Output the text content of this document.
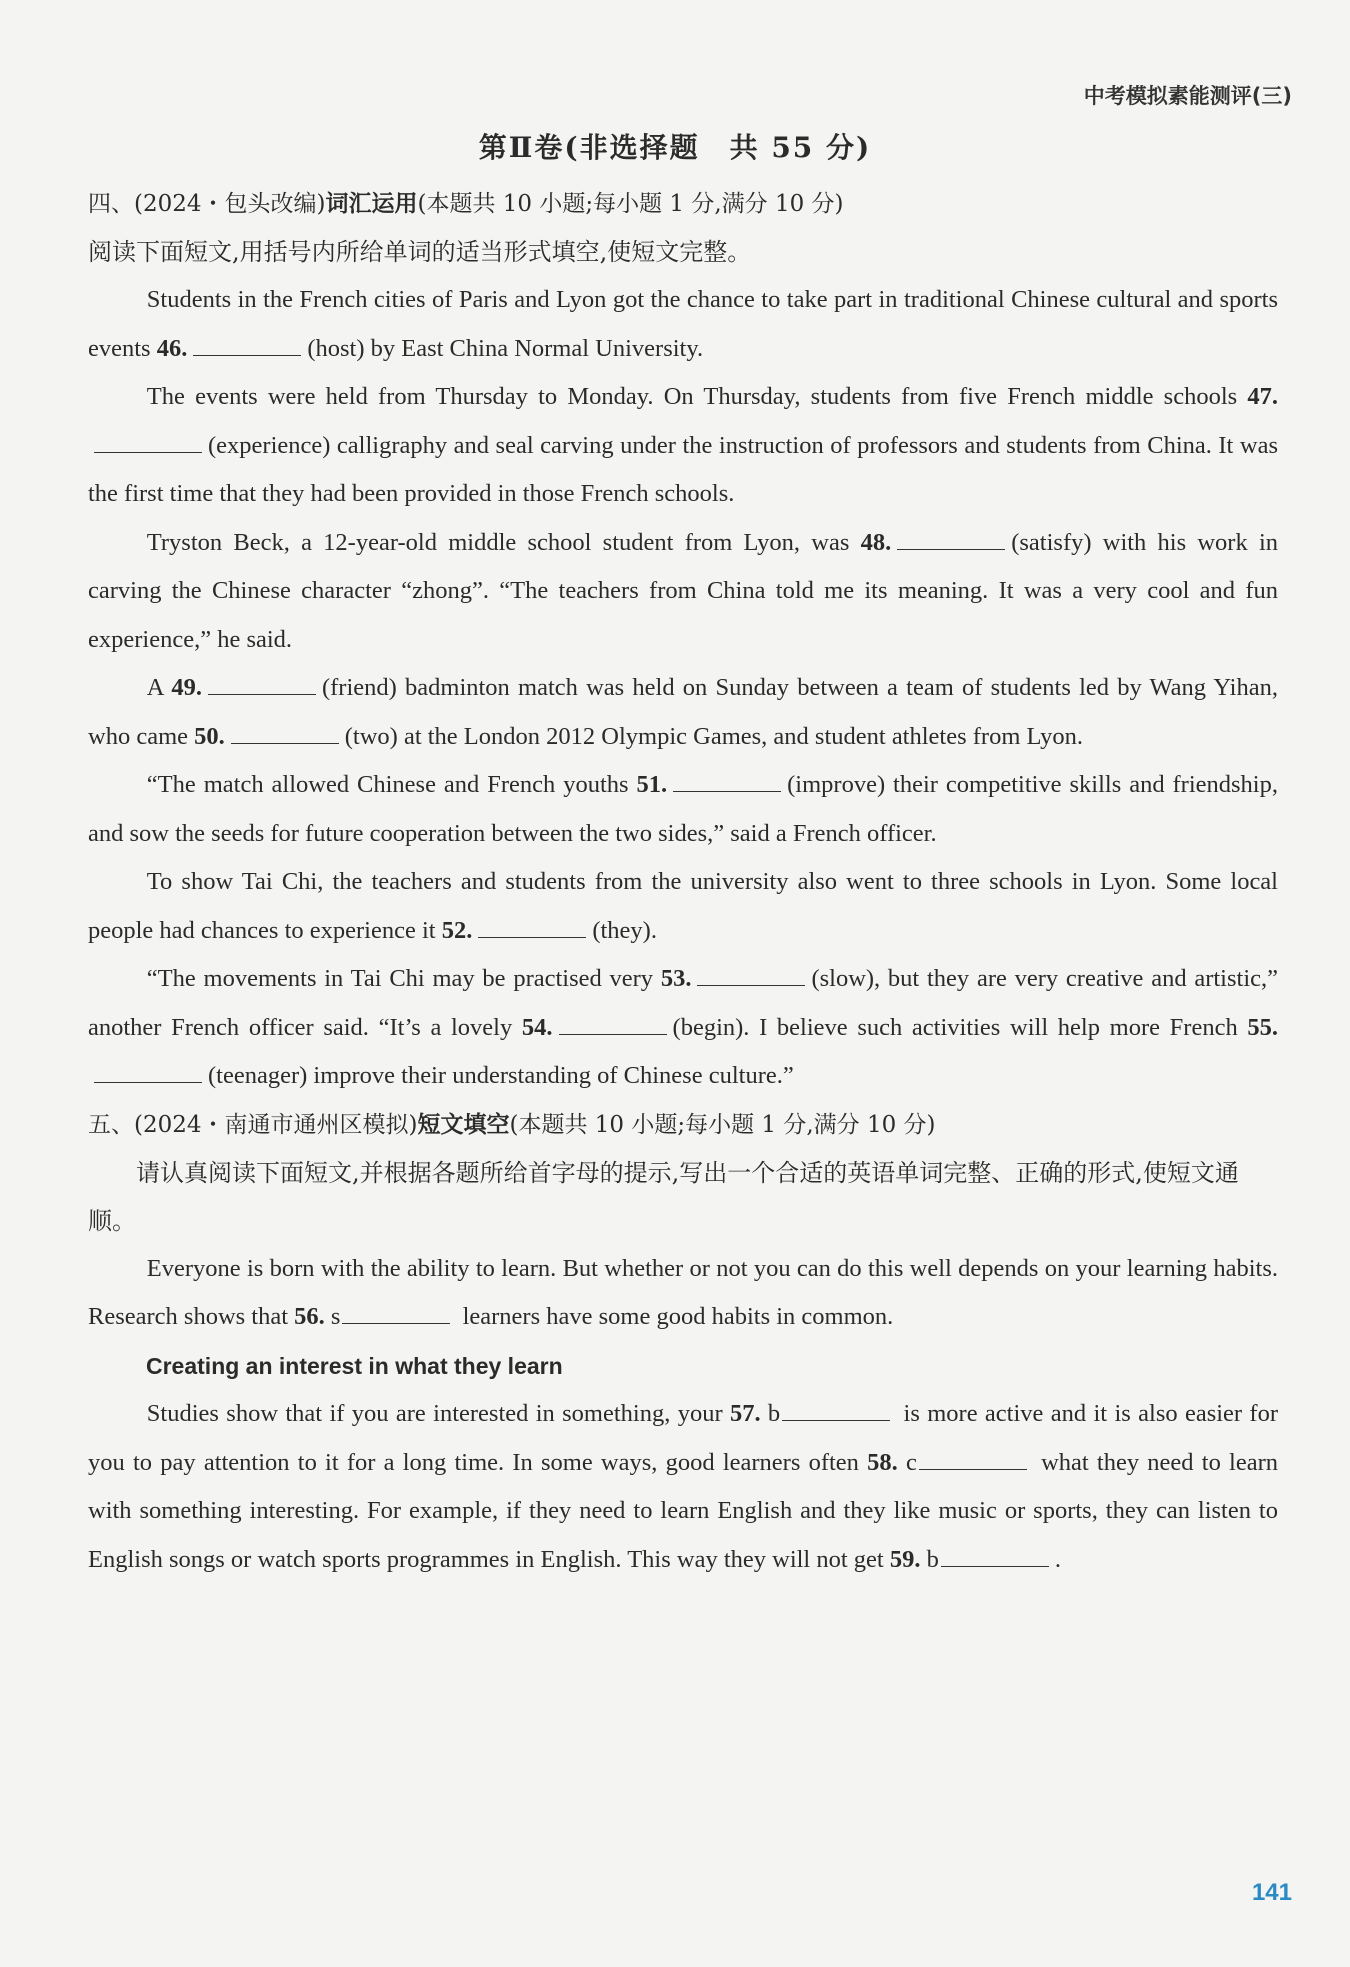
中考模拟素能测评(三)
第Ⅱ卷(非选择题　共 55 分)
四、(2024・包头改编)词汇运用(本题共 10 小题;每小题 1 分,满分 10 分)
阅读下面短文,用括号内所给单词的适当形式填空,使短文完整。

Students in the French cities of Paris and Lyon got the chance to take part in traditional Chinese cultural and sports events 46.	(host) by East China Normal University.

The events were held from Thursday to Monday. On Thursday, students from five French middle schools 47.(experience) calligraphy and seal carving under the instruction of professors and students from China. It was the first time that they had been provided in those French schools.

Tryston Beck, a 12-year-old middle school student from Lyon, was 48.	(satisfy) with his work in carving the Chinese character “zhong”. “The teachers from China told me its meaning. It was a very cool and fun experience,” he said.

A 49.	(friend) badminton match was held on Sunday between a team of students led by Wang Yihan, who came 50.	(two) at the London 2012 Olympic Games, and student athletes from Lyon.

“The match allowed Chinese and French youths 51.	(improve) their competitive skills and friendship, and sow the seeds for future cooperation between the two sides,” said a French officer.

To show Tai Chi, the teachers and students from the university also went to three schools in Lyon. Some local people had chances to experience it 52.	(they).

“The movements in Tai Chi may be practised very 53.	(slow), but they are very creative and artistic,” another French officer said. “It’s a lovely 54.	(begin). I believe such activities will help more French 55.(teenager) improve their understanding of Chinese culture.”

五、(2024・南通市通州区模拟)短文填空(本题共 10 小题;每小题 1 分,满分 10 分)
请认真阅读下面短文,并根据各题所给首字母的提示,写出一个合适的英语单词完整、正确的形式,使短文通顺。

Everyone is born with the ability to learn. But whether or not you can do this well depends on your learning habits. Research shows that 56. s	learners have some good habits in common.

Creating an interest in what they learn

Studies show that if you are interested in something, your 57. b	is more active and it is also easier for you to pay attention to it for a long time. In some ways, good learners often 58. c	what they need to learn with something interesting. For example, if they need to learn English and they like music or sports, they can listen to English songs or watch sports programmes in English. This way they will not get 59. b	.

141
